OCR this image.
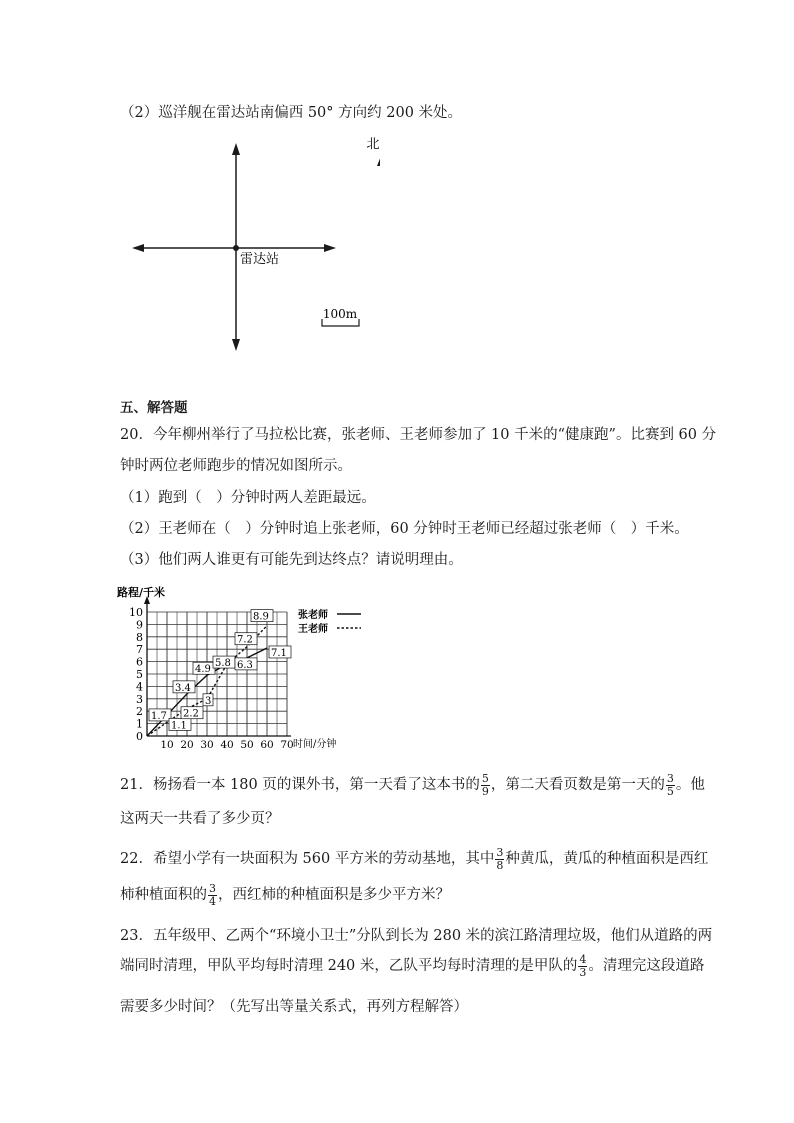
（2）巡洋舰在雷达站南偏西 50° 方向约 200 米处。
雷达站
北
100m
五、解答题
20．今年柳州举行了马拉松比赛，张老师、王老师参加了 10 千米的“健康跑”。比赛到 60 分
钟时两位老师跑步的情况如图所示。
（1）跑到（　）分钟时两人差距最远。
（2）王老师在（　）分钟时追上张老师，60 分钟时王老师已经超过张老师（　）千米。
（3）他们两人谁更有可能先到达终点？请说明理由。
路程/千米
时间/分钟
0
1
2
3
4
5
6
7
8
9
10
10 20 30 40 50 60 70
1.7
3.4
4.9
5.8 6.3
7.1
1.1
2.2
3
7.2
8.9	张老师
王老师
21．杨扬看一本 180 页的课外书，第一天看了这本书的 $\frac{5}{9}$ ，第二天看页数是第一天的 $\frac{3}{5}$ 。他
这两天一共看了多少页？
22．希望小学有一块面积为 560 平方米的劳动基地，其中 $\frac{3}{8}$ 种黄瓜，黄瓜的种植面积是西红
柿种植面积的 $\frac{3}{4}$ ，西红柿的种植面积是多少平方米？
23．五年级甲、乙两个“环境小卫士”分队到长为 280 米的滨江路清理垃圾，他们从道路的两
端同时清理，甲队平均每时清理 240 米，乙队平均每时清理的是甲队的 $\frac{4}{3}$ 。清理完这段道路
需要多少时间？（先写出等量关系式，再列方程解答）
